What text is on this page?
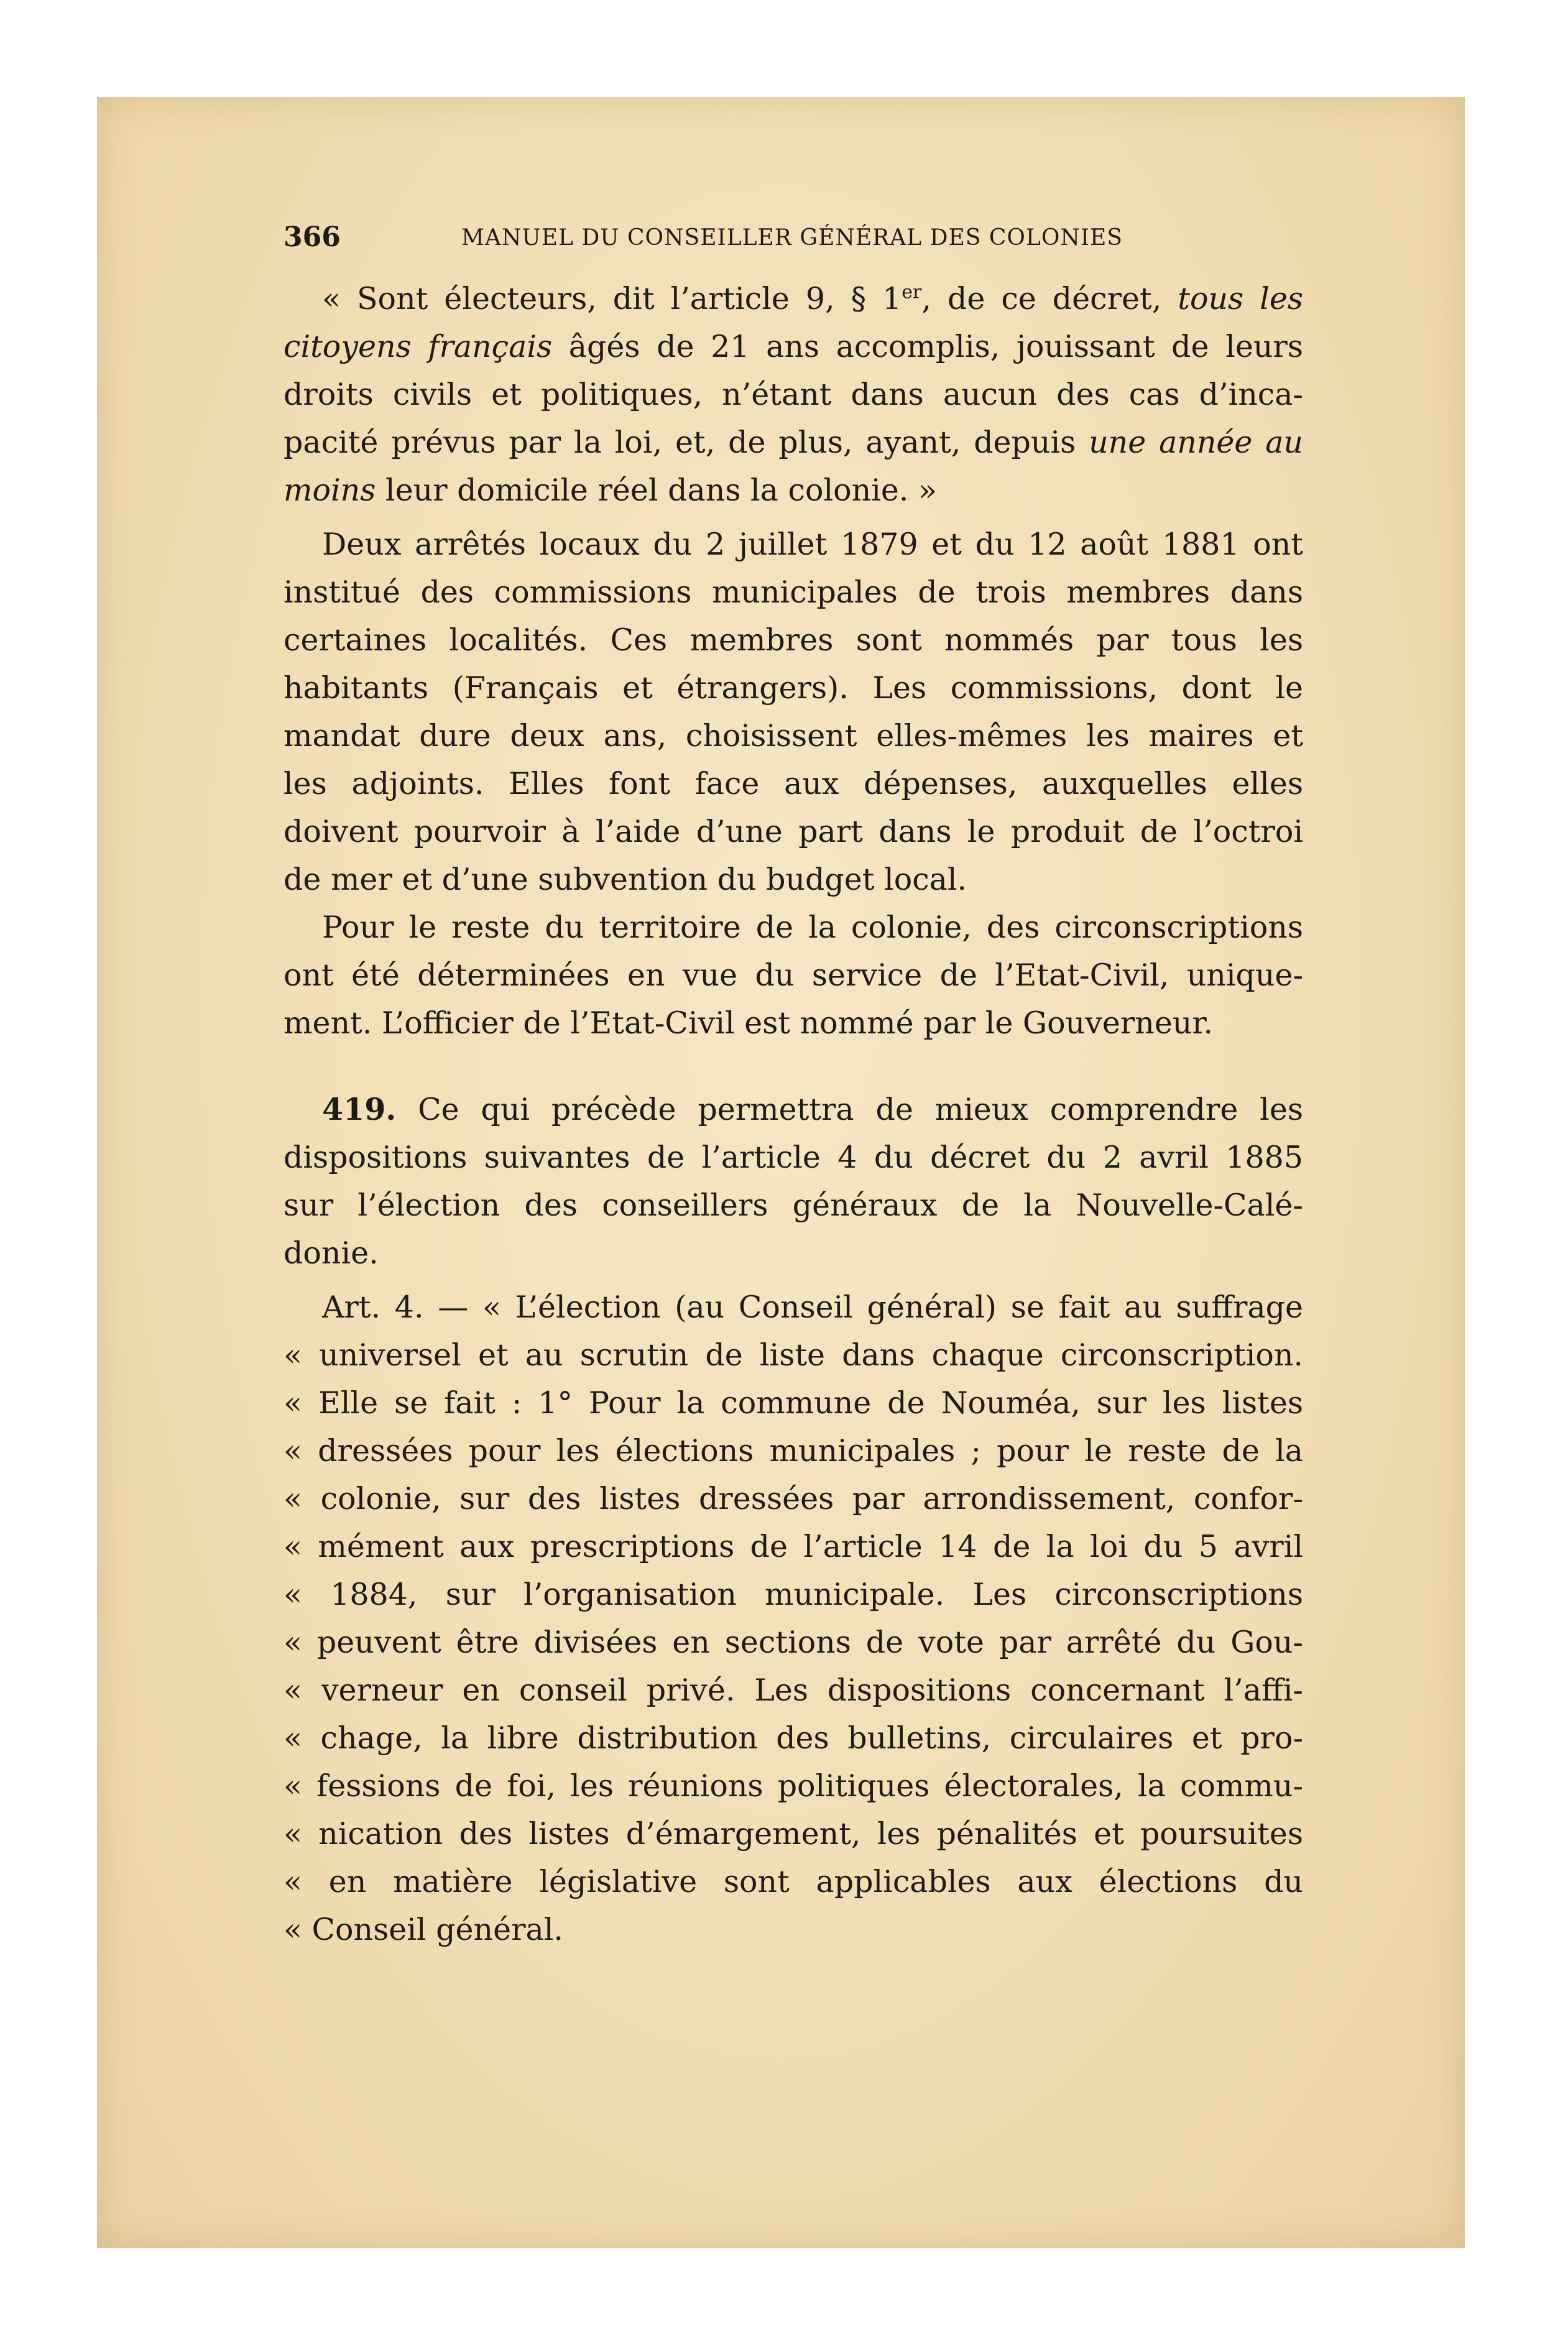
366	MANUEL DU CONSEILLER GÉNÉRAL DES COLONIES
« Sont électeurs, dit l’article 9, § 1er, de ce décret, tous les
citoyens français âgés de 21 ans accomplis, jouissant de leurs
droits civils et politiques, n’étant dans aucun des cas d’inca-
pacité prévus par la loi, et, de plus, ayant, depuis une année au
moins leur domicile réel dans la colonie. »
Deux arrêtés locaux du 2 juillet 1879 et du 12 août 1881 ont
institué des commissions municipales de trois membres dans
certaines localités. Ces membres sont nommés par tous les
habitants (Français et étrangers). Les commissions, dont le
mandat dure deux ans, choisissent elles-mêmes les maires et
les adjoints. Elles font face aux dépenses, auxquelles elles
doivent pourvoir à l’aide d’une part dans le produit de l’octroi
de mer et d’une subvention du budget local.
Pour le reste du territoire de la colonie, des circonscriptions
ont été déterminées en vue du service de l’Etat-Civil, unique-
ment. L’officier de l’Etat-Civil est nommé par le Gouverneur.
419. Ce qui précède permettra de mieux comprendre les
dispositions suivantes de l’article 4 du décret du 2 avril 1885
sur l’élection des conseillers généraux de la Nouvelle-Calé-
donie.
Art. 4. — « L’élection (au Conseil général) se fait au suffrage
« universel et au scrutin de liste dans chaque circonscription.
« Elle se fait : 1° Pour la commune de Nouméa, sur les listes
« dressées pour les élections municipales ; pour le reste de la
« colonie, sur des listes dressées par arrondissement, confor-
« mément aux prescriptions de l’article 14 de la loi du 5 avril
« 1884, sur l’organisation municipale. Les circonscriptions
« peuvent être divisées en sections de vote par arrêté du Gou-
« verneur en conseil privé. Les dispositions concernant l’affi-
« chage, la libre distribution des bulletins, circulaires et pro-
« fessions de foi, les réunions politiques électorales, la commu-
« nication des listes d’émargement, les pénalités et poursuites
« en matière législative sont applicables aux élections du
« Conseil général.
